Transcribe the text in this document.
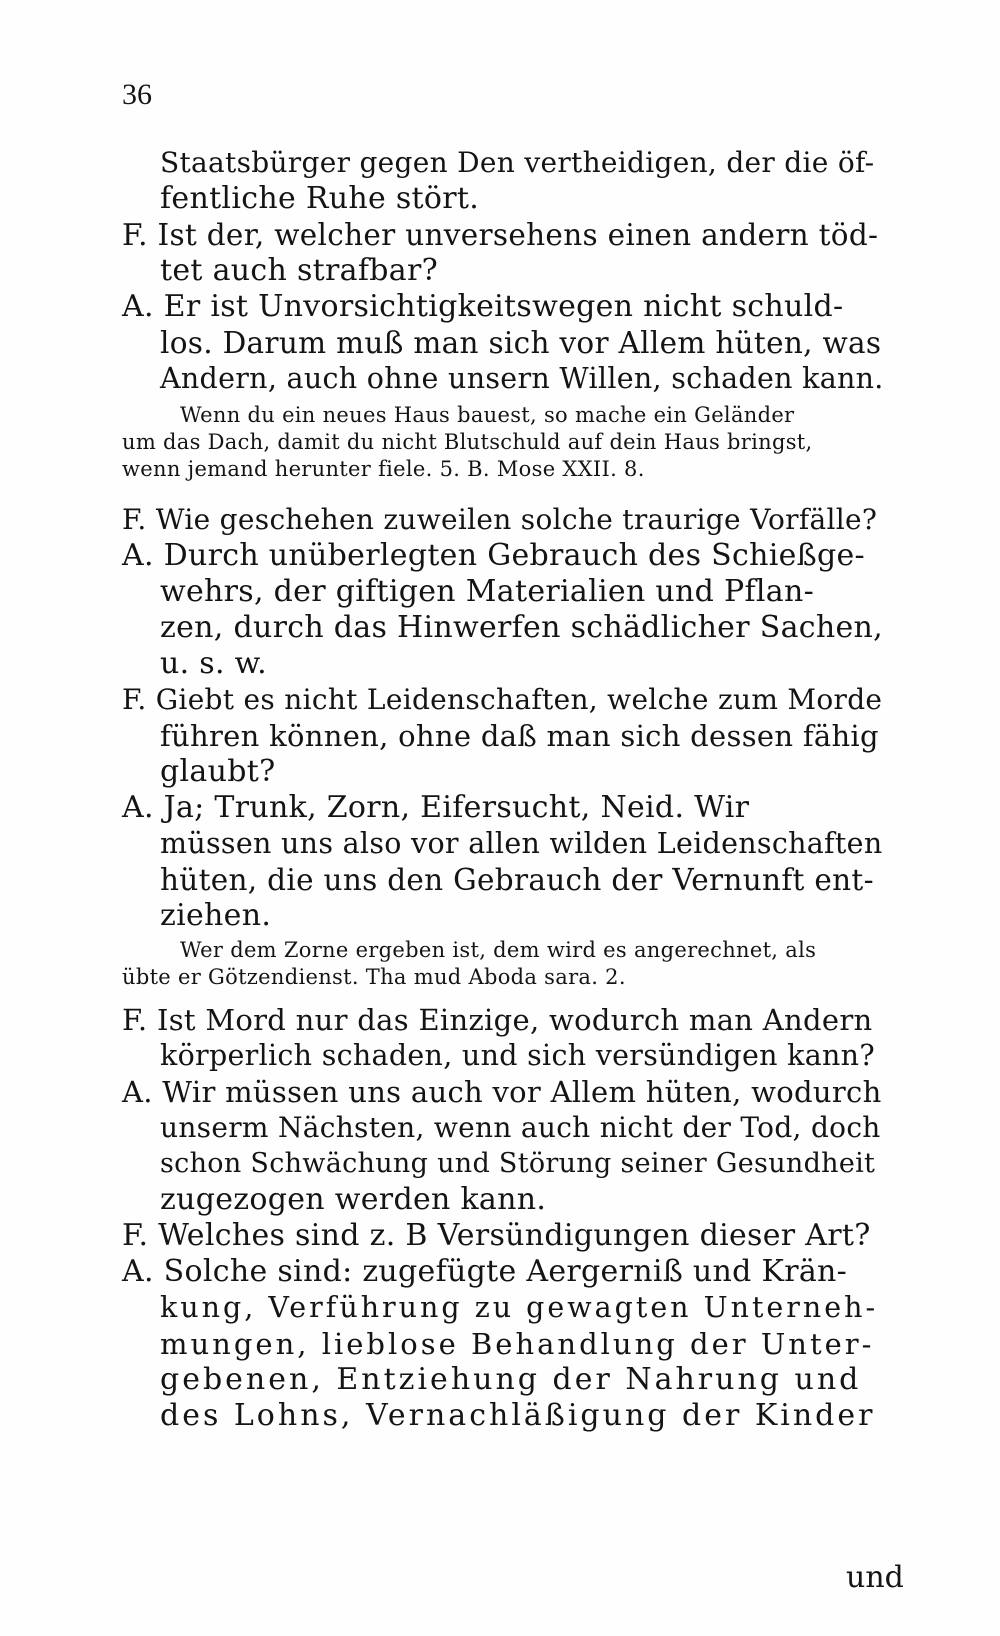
36
Staatsbürger gegen Den vertheidigen, der die öf-
fentliche Ruhe stört.
F. Ist der, welcher unversehens einen andern töd-
tet auch strafbar?
A. Er ist Unvorsichtigkeitswegen nicht schuld-
los. Darum muß man sich vor Allem hüten, was
Andern, auch ohne unsern Willen, schaden kann.
Wenn du ein neues Haus bauest, so mache ein Geländer
um das Dach, damit du nicht Blutschuld auf dein Haus bringst,
wenn jemand herunter fiele. 5. B. Mose XXII. 8.
F. Wie geschehen zuweilen solche traurige Vorfälle?
A. Durch unüberlegten Gebrauch des Schießge-
wehrs, der giftigen Materialien und Pflan-
zen, durch das Hinwerfen schädlicher Sachen,
u. s. w.
F. Giebt es nicht Leidenschaften, welche zum Morde
führen können, ohne daß man sich dessen fähig
glaubt?
A. Ja; Trunk, Zorn, Eifersucht, Neid. Wir
müssen uns also vor allen wilden Leidenschaften
hüten, die uns den Gebrauch der Vernunft ent-
ziehen.
Wer dem Zorne ergeben ist, dem wird es angerechnet, als
übte er Götzendienst. Tha mud Aboda sara. 2.
F. Ist Mord nur das Einzige, wodurch man Andern
körperlich schaden, und sich versündigen kann?
A. Wir müssen uns auch vor Allem hüten, wodurch
unserm Nächsten, wenn auch nicht der Tod, doch
schon Schwächung und Störung seiner Gesundheit
zugezogen werden kann.
F. Welches sind z. B Versündigungen dieser Art?
A. Solche sind: zugefügte Aergerniß und Krän-
kung, Verführung zu gewagten Unterneh-
mungen, lieblose Behandlung der Unter-
gebenen, Entziehung der Nahrung und
des Lohns, Vernachläßigung der Kinder
und
